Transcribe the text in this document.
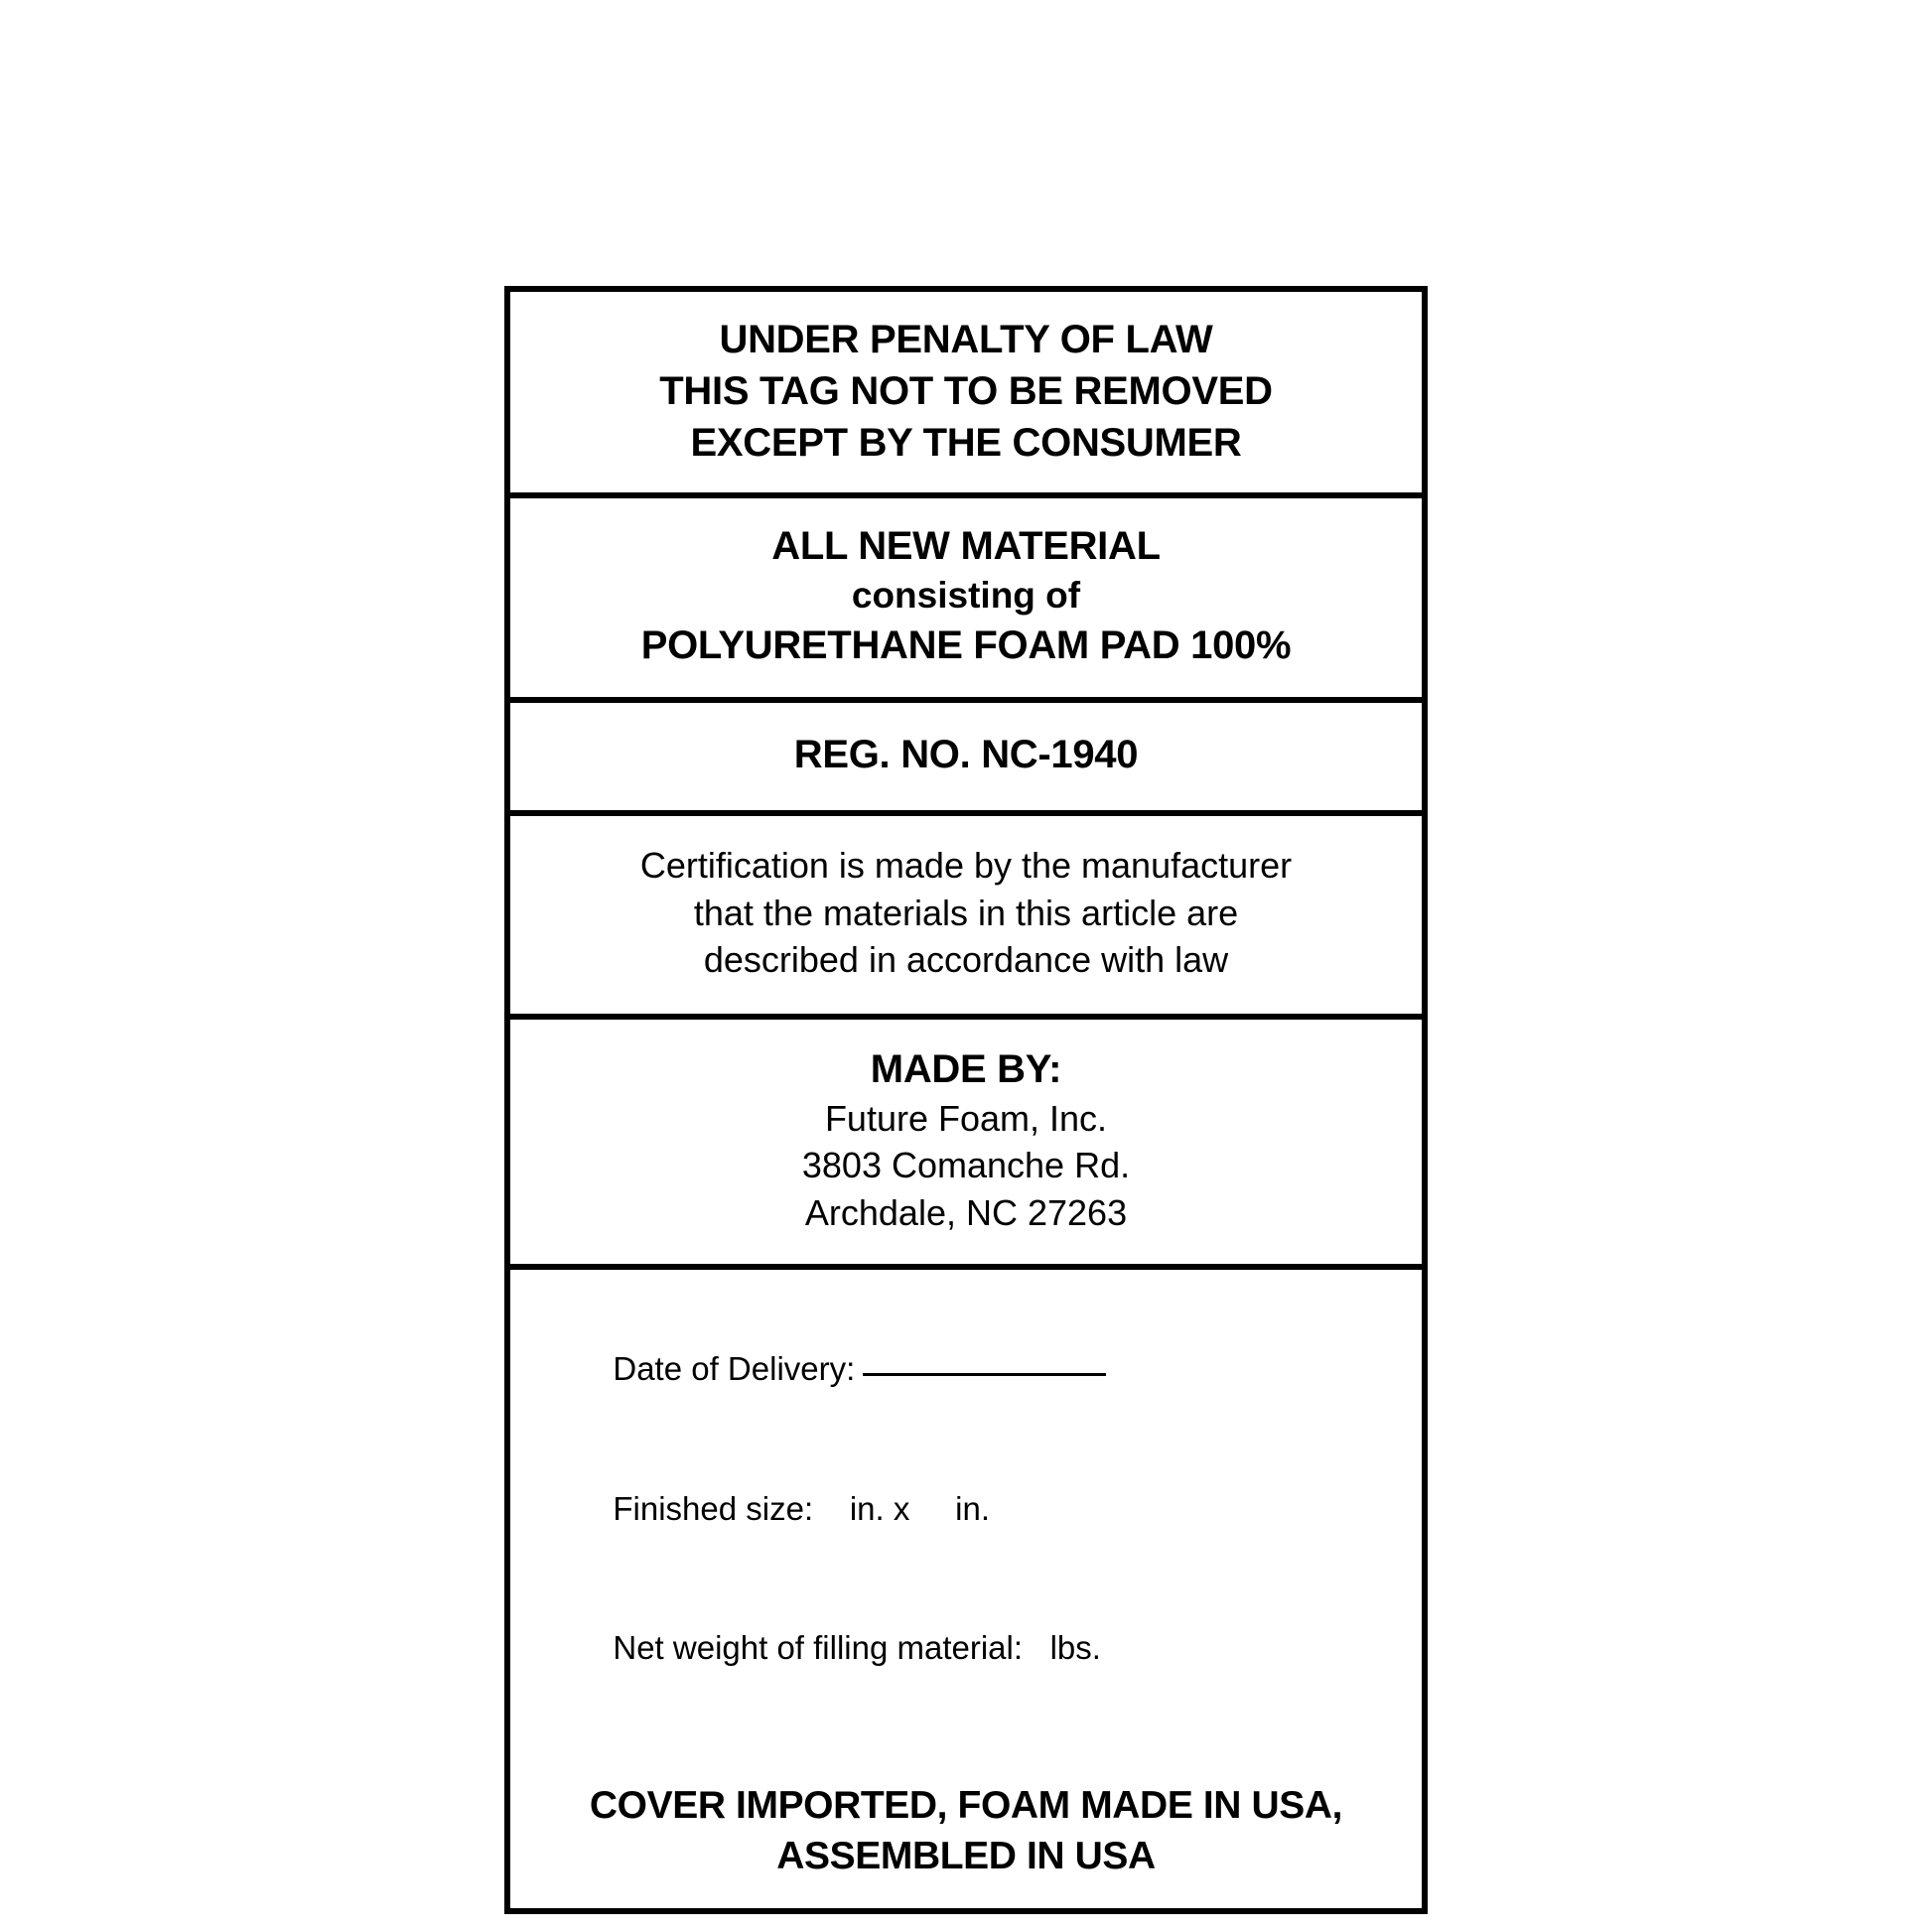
UNDER PENALTY OF LAW
THIS TAG NOT TO BE REMOVED
EXCEPT BY THE CONSUMER
ALL NEW MATERIAL
consisting of
POLYURETHANE FOAM PAD 100%
REG. NO. NC-1940
Certification is made by the manufacturer
that the materials in this article are
described in accordance with law
MADE BY:
Future Foam, Inc.
3803 Comanche Rd.
Archdale, NC 27263

Date of Delivery:

Finished size: in. x     in.

Net weight of filling material: lbs.

COVER IMPORTED, FOAM MADE IN USA,
ASSEMBLED IN USA
